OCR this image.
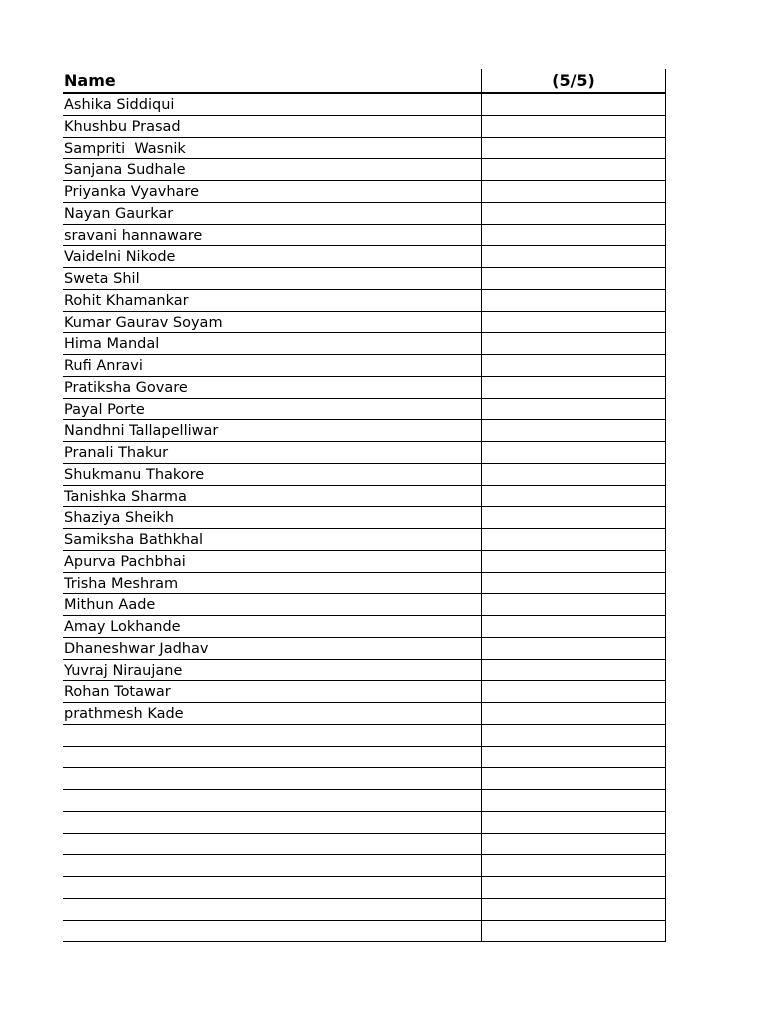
Name	(5/5)
Ashika Siddiqui
Khushbu Prasad
Sampriti  Wasnik
Sanjana Sudhale
Priyanka Vyavhare
Nayan Gaurkar
sravani hannaware
Vaidelni Nikode
Sweta Shil
Rohit Khamankar
Kumar Gaurav Soyam
Hima Mandal
Rufi Anravi
Pratiksha Govare
Payal Porte
Nandhni Tallapelliwar
Pranali Thakur
Shukmanu Thakore
Tanishka Sharma
Shaziya Sheikh
Samiksha Bathkhal
Apurva Pachbhai
Trisha Meshram
Mithun Aade
Amay Lokhande
Dhaneshwar Jadhav
Yuvraj Niraujane
Rohan Totawar
prathmesh Kade
